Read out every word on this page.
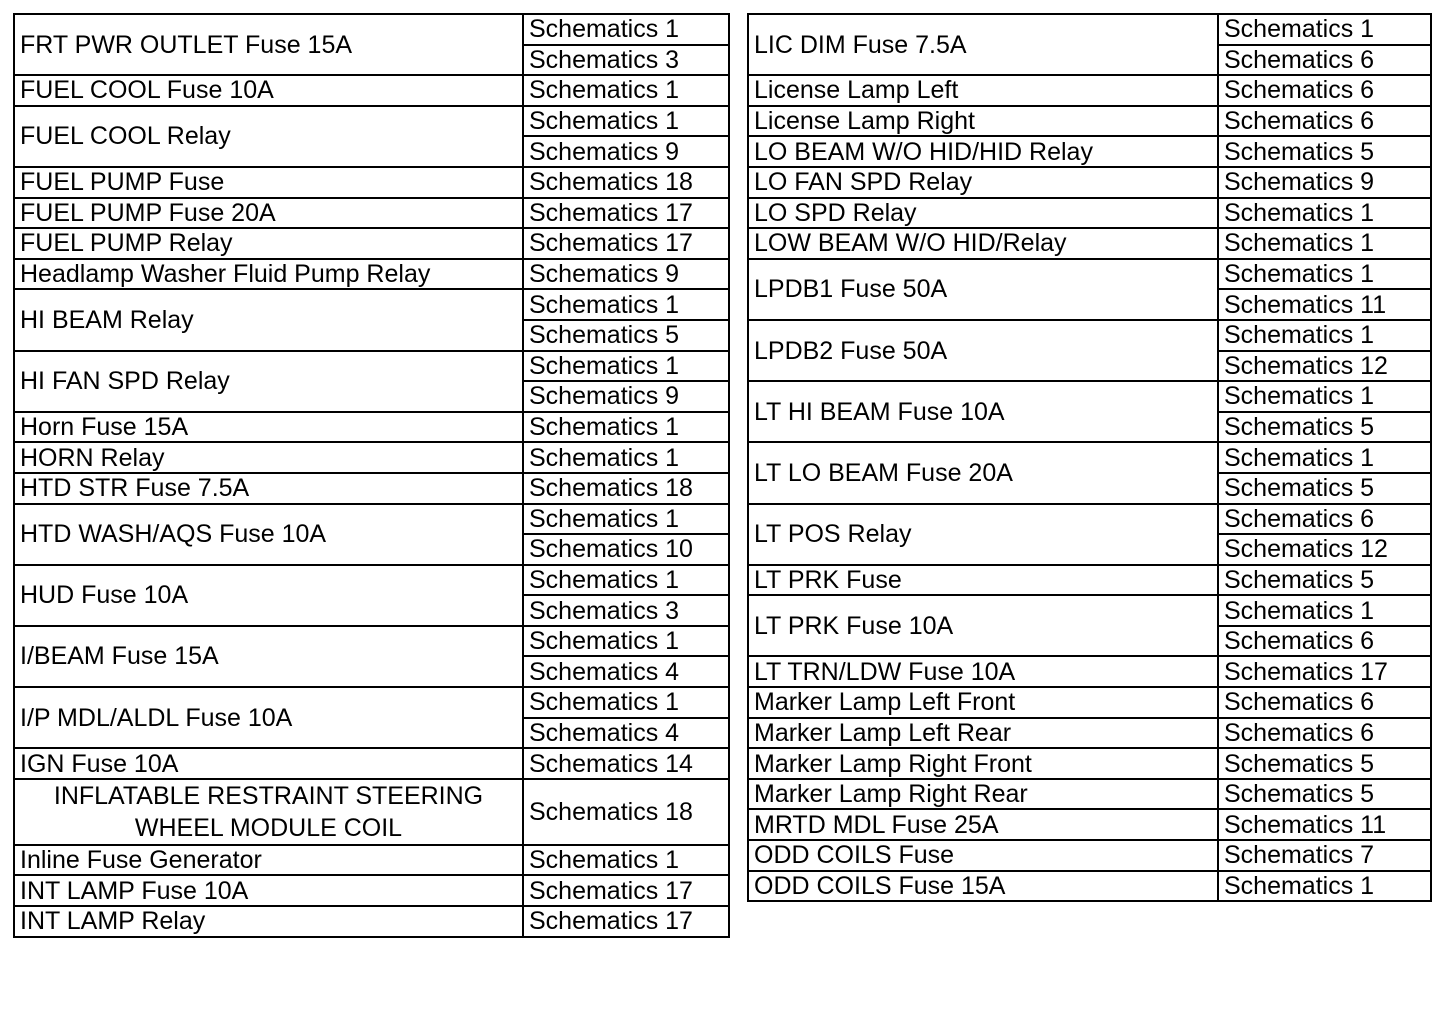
FRT PWR OUTLET Fuse 15A	Schematics 1
	Schematics 3
FUEL COOL Fuse 10A	Schematics 1
FUEL COOL Relay	Schematics 1
	Schematics 9
FUEL PUMP Fuse	Schematics 18
FUEL PUMP Fuse 20A	Schematics 17
FUEL PUMP Relay	Schematics 17
Headlamp Washer Fluid Pump Relay	Schematics 9
HI BEAM Relay	Schematics 1
	Schematics 5
HI FAN SPD Relay	Schematics 1
	Schematics 9
Horn Fuse 15A	Schematics 1
HORN Relay	Schematics 1
HTD STR Fuse 7.5A	Schematics 18
HTD WASH/AQS Fuse 10A	Schematics 1
	Schematics 10
HUD Fuse 10A	Schematics 1
	Schematics 3
I/BEAM Fuse 15A	Schematics 1
	Schematics 4
I/P MDL/ALDL Fuse 10A	Schematics 1
	Schematics 4
IGN Fuse 10A	Schematics 14
INFLATABLE RESTRAINT STEERING WHEEL MODULE COIL	Schematics 18

Inline Fuse Generator	Schematics 1
INT LAMP Fuse 10A	Schematics 17
INT LAMP Relay	Schematics 17
LIC DIM Fuse 7.5A	Schematics 1
	Schematics 6
License Lamp Left	Schematics 6
License Lamp Right	Schematics 6
LO BEAM W/O HID/HID Relay	Schematics 5
LO FAN SPD Relay	Schematics 9
LO SPD Relay	Schematics 1
LOW BEAM W/O HID/Relay	Schematics 1
LPDB1 Fuse 50A	Schematics 1
	Schematics 11
LPDB2 Fuse 50A	Schematics 1
	Schematics 12
LT HI BEAM Fuse 10A	Schematics 1
	Schematics 5
LT LO BEAM Fuse 20A	Schematics 1
	Schematics 5
LT POS Relay	Schematics 6
	Schematics 12
LT PRK Fuse	Schematics 5
LT PRK Fuse 10A	Schematics 1
	Schematics 6
LT TRN/LDW Fuse 10A	Schematics 17
Marker Lamp Left Front	Schematics 6
Marker Lamp Left Rear	Schematics 6
Marker Lamp Right Front	Schematics 5
Marker Lamp Right Rear	Schematics 5

MRTD MDL Fuse 25A	Schematics 11
ODD COILS Fuse	Schematics 7
ODD COILS Fuse 15A	Schematics 1
